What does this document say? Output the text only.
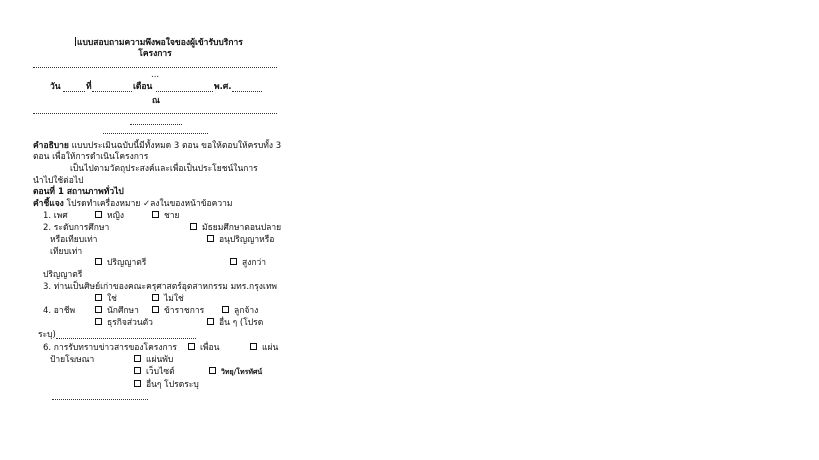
แบบสอบถามความพึงพอใจของผู้เข้ารับบริการ
โครงการ
...
วัน	ที่	เดือน	พ.ศ.
ณ
คำอธิบาย แบบประเมินฉบับนี้มีทั้งหมด 3 ตอน ขอให้ตอบให้ครบทั้ง 3
ตอน เพื่อให้การดำเนินโครงการ
เป็นไปตามวัตถุประสงค์และเพื่อเป็นประโยชน์ในการ
นำไปใช้ต่อไป
ตอนที่ 1 สถานภาพทั่วไป
คำชี้แจง โปรดทำเครื่องหมาย ✓ลงในของหน้าข้อความ
1. เพศ	หญิง	ชาย
2. ระดับการศึกษา	มัธยมศึกษาตอนปลาย
หรือเทียบเท่า	อนุปริญญาหรือ
เทียบเท่า
ปริญญาตรี	สูงกว่า
ปริญญาตรี
3. ท่านเป็นศิษย์เก่าของคณะครุศาสตร์อุตสาหกรรม มทร.กรุงเทพ
ใช่	ไม่ใช่
4. อาชีพ	นักศึกษา	ข้าราชการ	ลูกจ้าง
ธุรกิจส่วนตัว	อื่น ๆ (โปรด
ระบุ)
6. การรับทราบข่าวสารของโครงการ	เพื่อน	แผ่น
ป้ายโฆษณา	แผ่นพับ
เว็บไซต์	วิทยุ/โทรทัศน์
อื่นๆ โปรดระบุ
